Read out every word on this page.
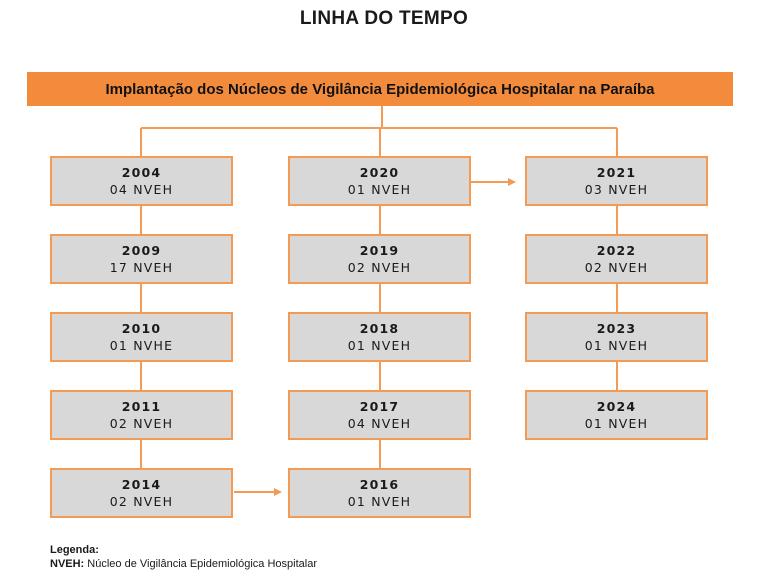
LINHA DO TEMPO
Implantação dos Núcleos de Vigilância Epidemiológica Hospitalar na Paraíba
2004
04 NVEH
2009
17 NVEH
2010
01 NVHE
2011
02 NVEH
2014
02 NVEH
2020
01 NVEH
2019
02 NVEH
2018
01 NVEH
2017
04 NVEH
2016
01 NVEH
2021
03 NVEH
2022
02 NVEH
2023
01 NVEH
2024
01 NVEH
Legenda:
NVEH: Núcleo de Vigilância Epidemiológica Hospitalar
